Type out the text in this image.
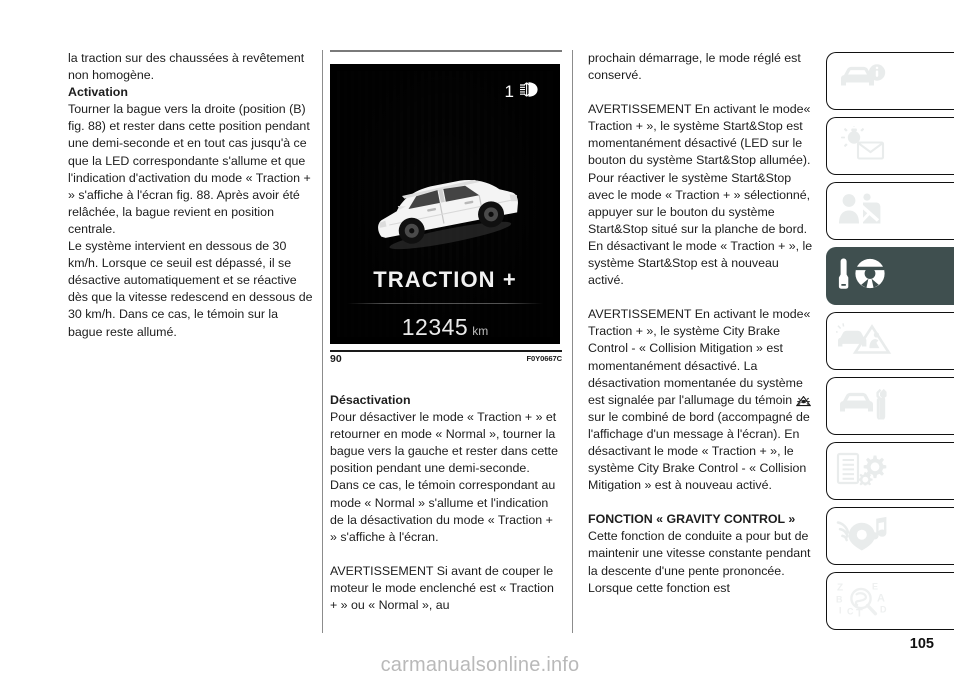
la traction sur des chaussées à revêtement non homogène.

Activation

Tourner la bague vers la droite (position (B) fig. 88) et rester dans cette position pendant une demi-seconde et en tout cas jusqu'à ce que la LED correspondante s'allume et que l'indication d'activation du mode « Traction + » s'affiche à l'écran fig. 88. Après avoir été relâchée, la bague revient en position centrale.

Le système intervient en dessous de 30 km/h. Lorsque ce seuil est dépassé, il se désactive automatiquement et se réactive dès que la vitesse redescend en dessous de 30 km/h. Dans ce cas, le témoin sur la bague reste allumé.

1
TRACTION +
12345 km
90	F0Y0667C

Désactivation

Pour désactiver le mode « Traction + » et retourner en mode « Normal », tourner la bague vers la gauche et rester dans cette position pendant une demi-seconde. Dans ce cas, le témoin correspondant au mode « Normal » s'allume et l'indication de la désactivation du mode « Traction + » s'affiche à l'écran.

AVERTISSEMENT Si avant de couper le moteur le mode enclenché est « Traction + » ou « Normal », au

prochain démarrage, le mode réglé est conservé.

AVERTISSEMENT En activant le mode« Traction + », le système Start&Stop est momentanément désactivé (LED sur le bouton du système Start&Stop allumée). Pour réactiver le système Start&Stop avec le mode « Traction + » sélectionné, appuyer sur le bouton du système Start&Stop situé sur la planche de bord. En désactivant le mode « Traction + », le système Start&Stop est à nouveau activé.

AVERTISSEMENT En activant le mode« Traction + », le système City Brake Control - « Collision Mitigation » est momentanément désactivé. La désactivation momentanée du système est signalée par l'allumage du témoin OFF
sur le combiné de bord (accompagné de l'affichage d'un message à l'écran). En désactivant le mode « Traction + », le système City Brake Control - « Collision Mitigation » est à nouveau activé.

FONCTION « GRAVITY CONTROL »

Cette fonction de conduite a pour but de maintenir une vitesse constante pendant la descente d'une pente prononcée. Lorsque cette fonction est	Z
B
I C T
E
A
D
105
carmanualsonline.info
